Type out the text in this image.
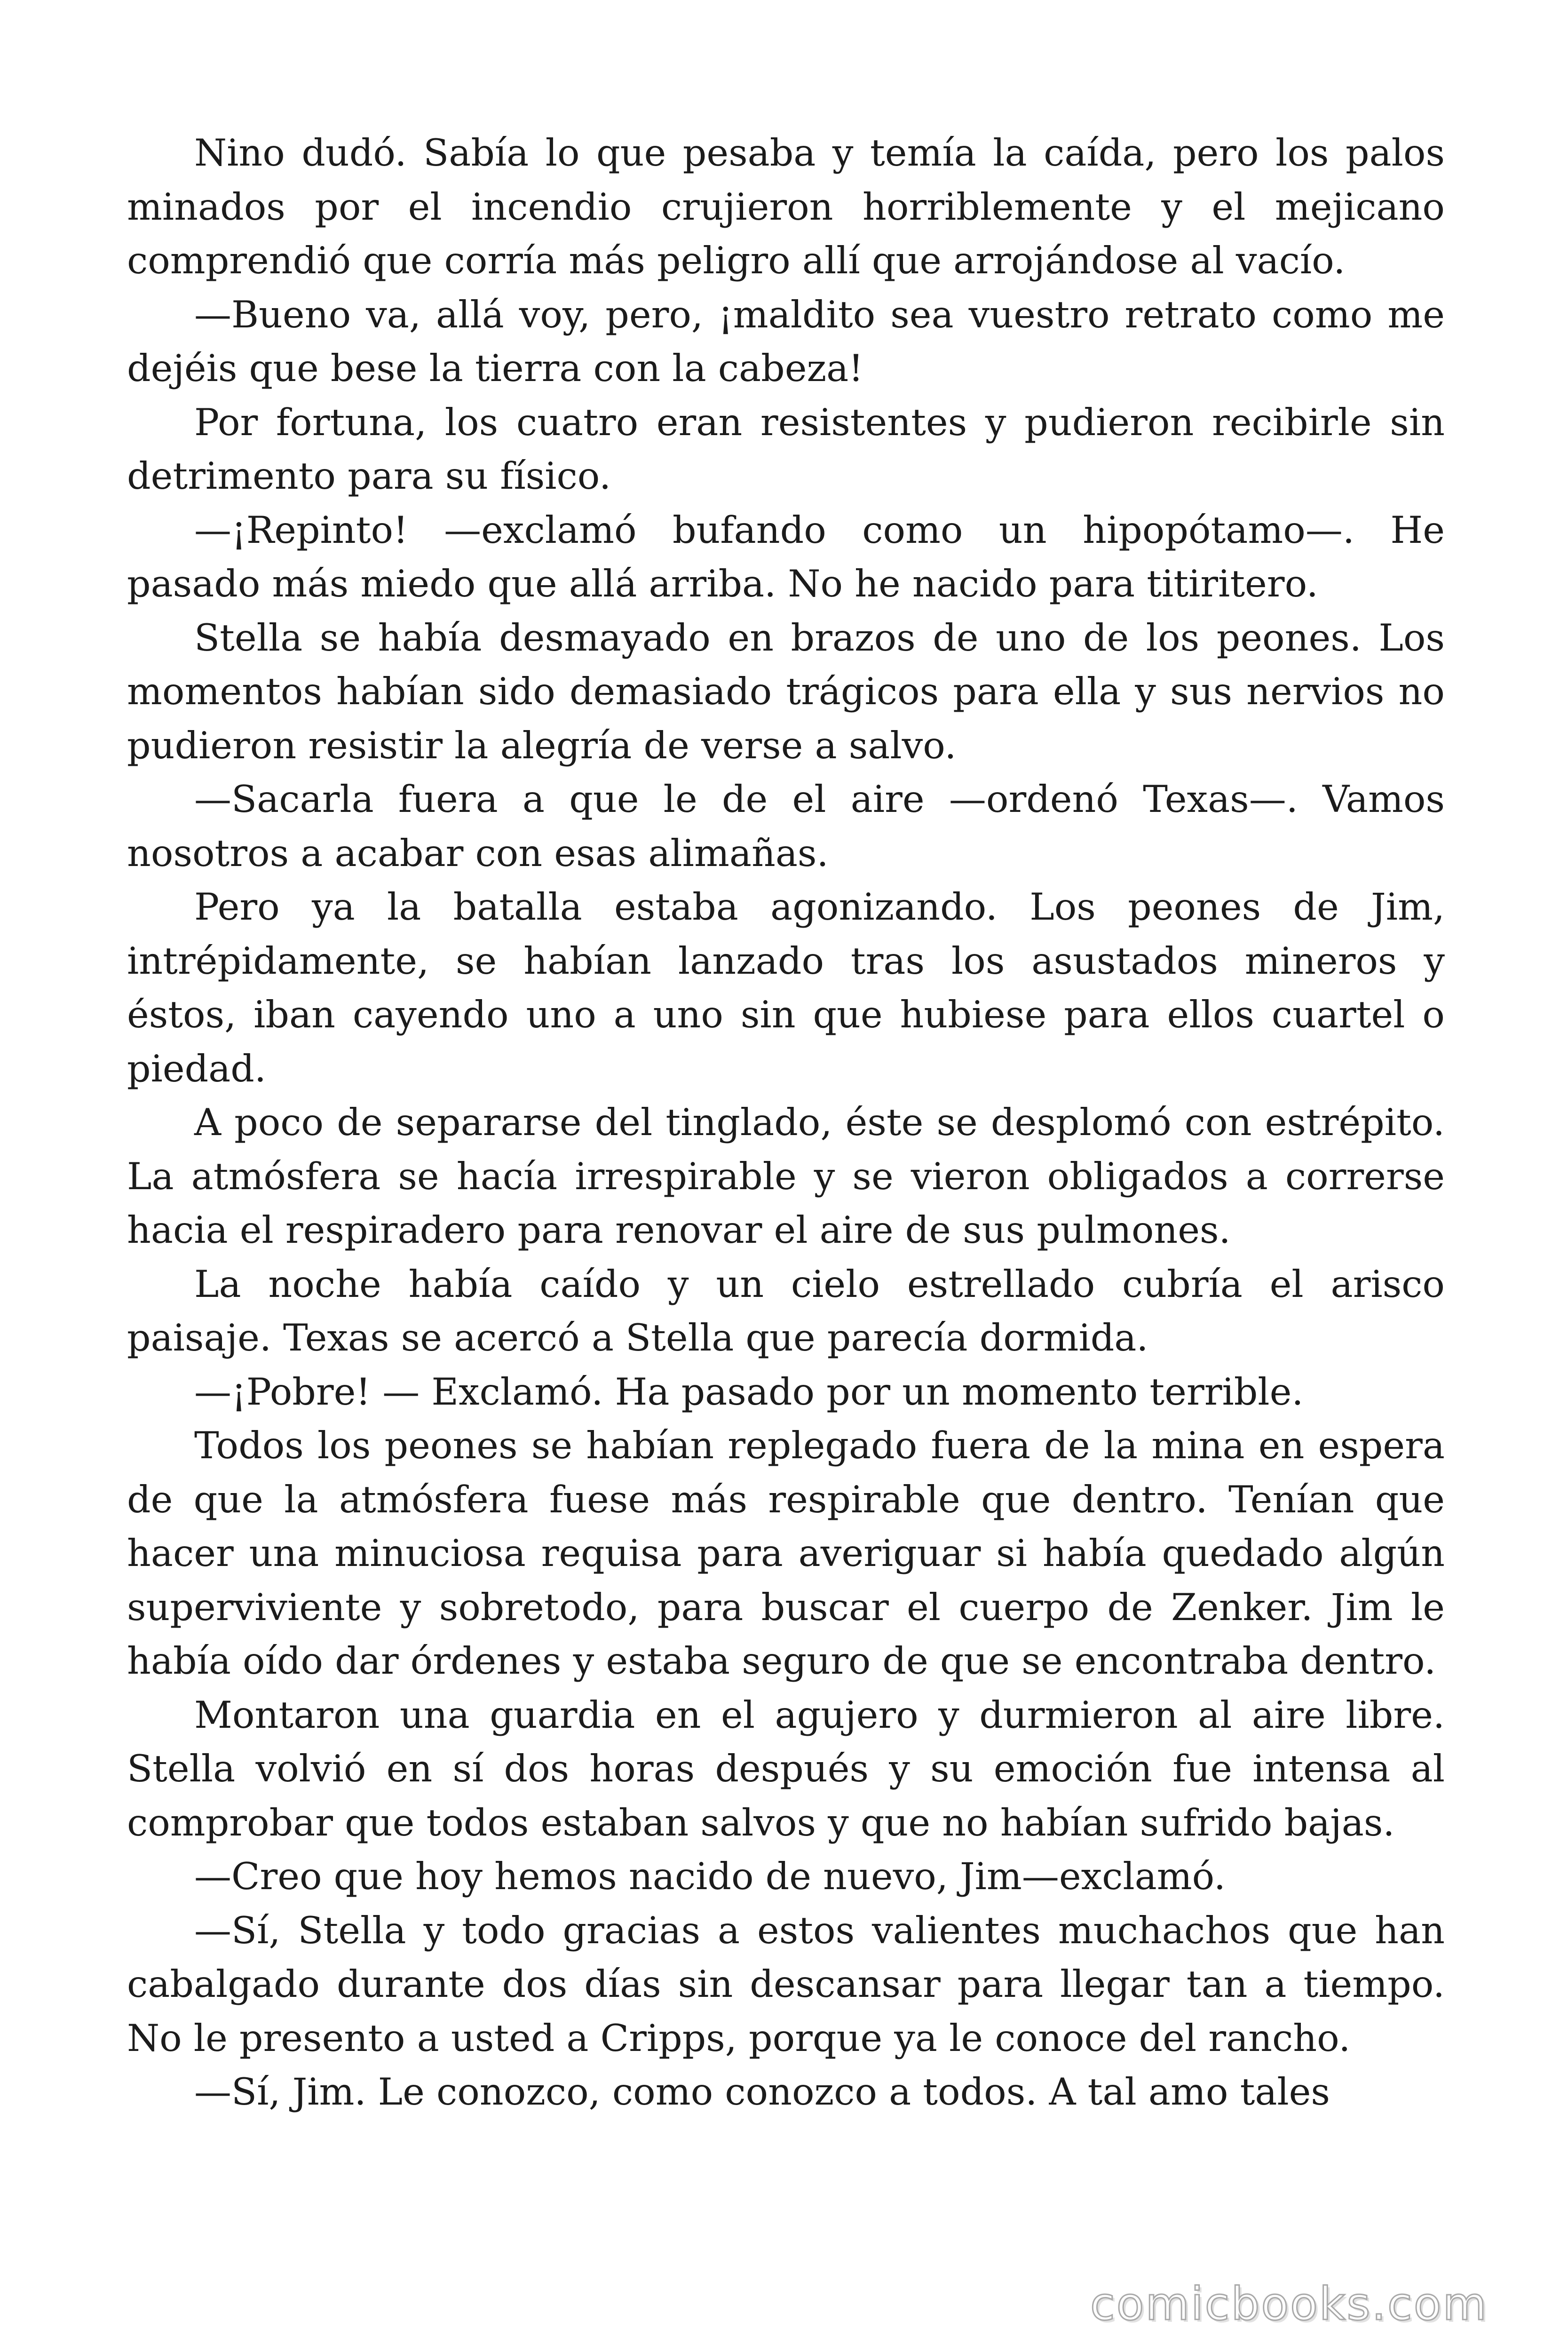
Nino dudó. Sabía lo que pesaba y temía la caída, pero los palos minados por el incendio crujieron horriblemente y el mejicano comprendió que corría más peligro allí que arrojándose al vacío.

—Bueno va, allá voy, pero, ¡maldito sea vuestro retrato como me dejéis que bese la tierra con la cabeza!

Por fortuna, los cuatro eran resistentes y pudieron recibirle sin detrimento para su físico.

—¡Repinto! —exclamó bufando como un hipopótamo—. He pasado más miedo que allá arriba. No he nacido para titiritero.

Stella se había desmayado en brazos de uno de los peones. Los momentos habían sido demasiado trágicos para ella y sus nervios no pudieron resistir la alegría de verse a salvo.

—Sacarla fuera a que le de el aire —ordenó Texas—. Vamos nosotros a acabar con esas alimañas.

Pero ya la batalla estaba agonizando. Los peones de Jim, intrépidamente, se habían lanzado tras los asustados mineros y éstos, iban cayendo uno a uno sin que hubiese para ellos cuartel o piedad.

A poco de separarse del tinglado, éste se desplomó con estrépito. La atmósfera se hacía irrespirable y se vieron obligados a correrse hacia el respiradero para renovar el aire de sus pulmones.

La noche había caído y un cielo estrellado cubría el arisco paisaje. Texas se acercó a Stella que parecía dormida.

—¡Pobre! — Exclamó. Ha pasado por un momento terrible.

Todos los peones se habían replegado fuera de la mina en espera de que la atmósfera fuese más respirable que dentro. Tenían que hacer una minuciosa requisa para averiguar si había quedado algún superviviente y sobretodo, para buscar el cuerpo de Zenker. Jim le había oído dar órdenes y estaba seguro de que se encontraba dentro.

Montaron una guardia en el agujero y durmieron al aire libre. Stella volvió en sí dos horas después y su emoción fue intensa al comprobar que todos estaban salvos y que no habían sufrido bajas.

—Creo que hoy hemos nacido de nuevo, Jim—exclamó.

—Sí, Stella y todo gracias a estos valientes muchachos que han cabalgado durante dos días sin descansar para llegar tan a tiempo. No le presento a usted a Cripps, porque ya le conoce del rancho.

—Sí, Jim. Le conozco, como conozco a todos. A tal amo tales

comicbooks.com
